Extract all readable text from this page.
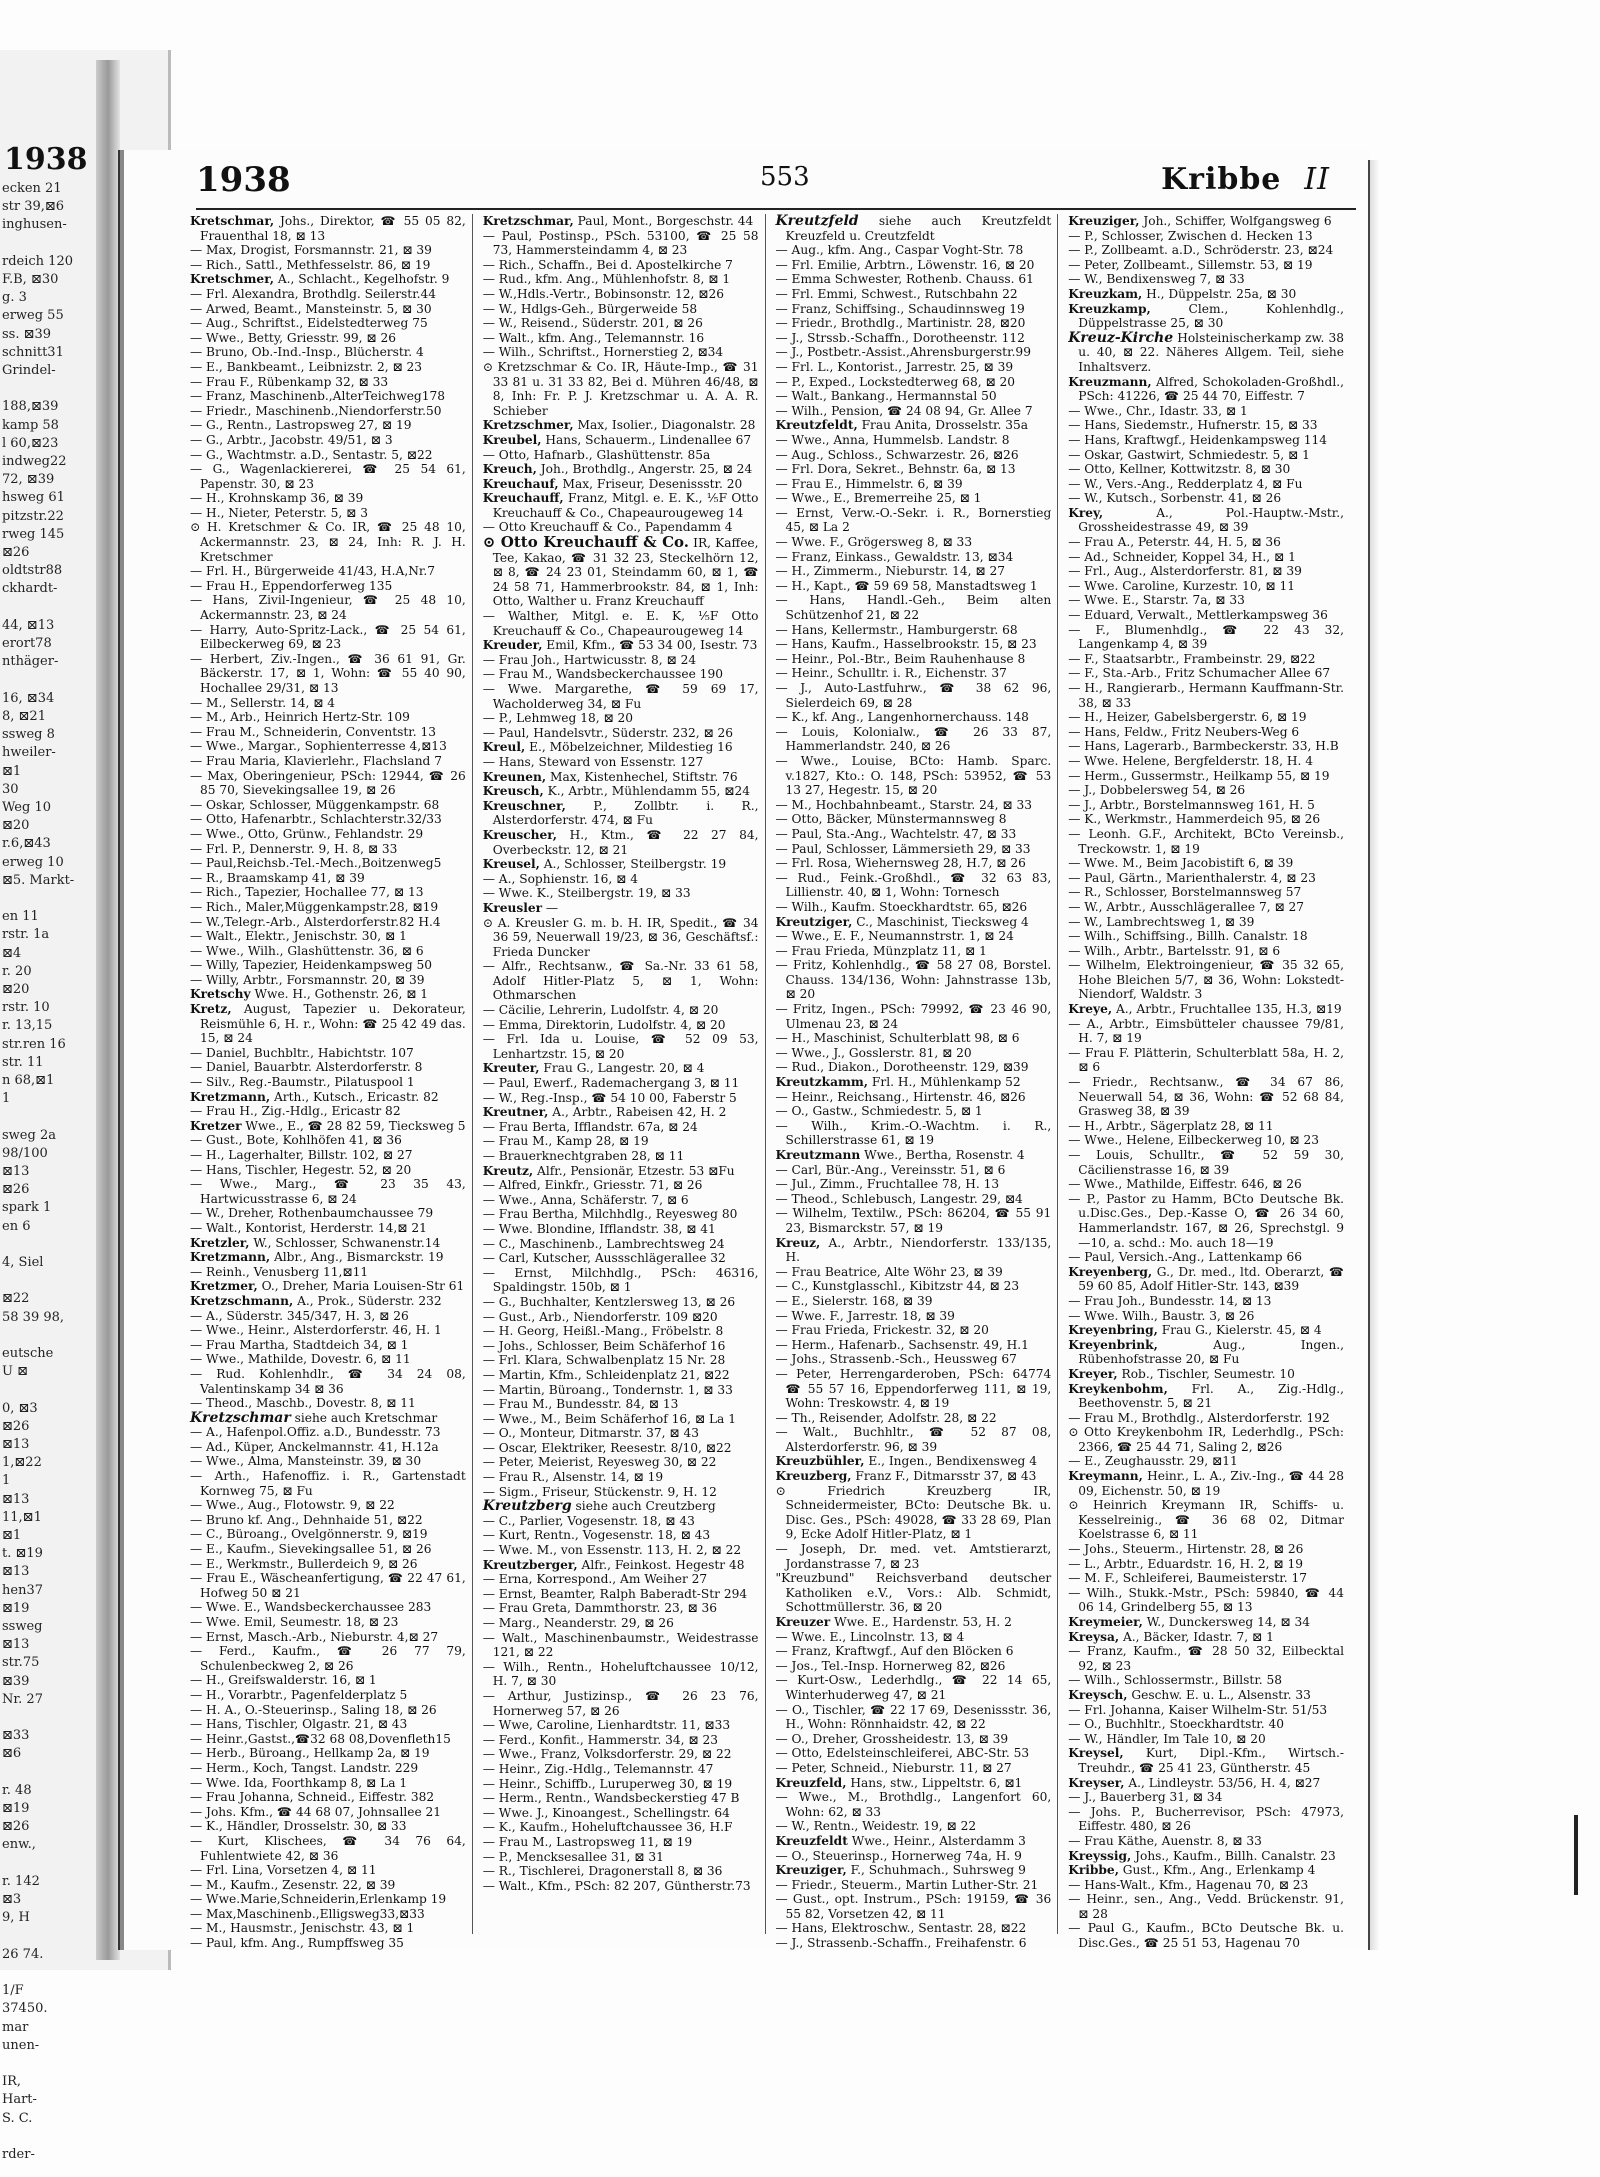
1938
ecken 21
str 39,⊠6
inghusen-

rdeich 120
F.B, ⊠30
g. 3
erweg 55
ss. ⊠39
schnitt31
Grindel-

188,⊠39
kamp 58
l 60,⊠23
indweg22
72, ⊠39
hsweg 61
pitzstr.22
rweg 145
⊠26
oldtstr88
ckhardt-

44, ⊠13
erort78
nthäger-

16, ⊠34
8, ⊠21
ssweg 8
hweiler-
⊠1
30
Weg 10
⊠20
r.6,⊠43
erweg 10
⊠5. Markt-

en 11
rstr. 1a
⊠4
r. 20
⊠20
rstr. 10
r. 13,15
str.ren 16
str. 11
n 68,⊠1
1

sweg 2a
98/100
⊠13
⊠26
spark 1
en 6

4, Siel

⊠22
58 39 98,

eutsche
U ⊠

0, ⊠3
⊠26
⊠13
1,⊠22
1
⊠13
11,⊠1
⊠1
t. ⊠19
⊠13
hen37
⊠19
ssweg
⊠13
str.75
⊠39
Nr. 27

⊠33
⊠6

r. 48
⊠19
⊠26
enw.,

r. 142
⊠3
9, H

26 74.

1/F
37450.
mar
unen-

IR,
Hart-
S. C.

rder-
1938	553	Kribbe II

Kretschmar, Johs., Direktor, ☎ 55 05 82, Frauenthal 18, ⊠ 13

— Max, Drogist, Forsmannstr. 21, ⊠ 39

— Rich., Sattl., Methfesselstr. 86, ⊠ 19

Kretschmer, A., Schlacht., Kegelhofstr. 9

— Frl. Alexandra, Brothdlg. Seilerstr.44

— Arwed, Beamt., Mansteinstr. 5, ⊠ 30

— Aug., Schriftst., Eidelstedterweg 75

— Wwe., Betty, Griesstr. 99, ⊠ 26

— Bruno, Ob.-Ind.-Insp., Blücherstr. 4

— E., Bankbeamt., Leibnizstr. 2, ⊠ 23

— Frau F., Rübenkamp 32, ⊠ 33

— Franz, Maschinenb.,AlterTeichweg178

— Friedr., Maschinenb.,Niendorferstr.50

— G., Rentn., Lastropsweg 27, ⊠ 19

— G., Arbtr., Jacobstr. 49/51, ⊠ 3

— G., Wachtmstr. a.D., Sentastr. 5, ⊠22

— G., Wagenlackiererei, ☎ 25 54 61, Papenstr. 30, ⊠ 23

— H., Krohnskamp 36, ⊠ 39

— H., Nieter, Peterstr. 5, ⊠ 3

⊙ H. Kretschmer & Co. IR, ☎ 25 48 10, Ackermannstr. 23, ⊠ 24, Inh: R. J. H. Kretschmer

— Frl. H., Bürgerweide 41/43, H.A,Nr.7

— Frau H., Eppendorferweg 135

— Hans, Zivil-Ingenieur, ☎ 25 48 10, Ackermannstr. 23, ⊠ 24

— Harry, Auto-Spritz-Lack., ☎ 25 54 61, Eilbeckerweg 69, ⊠ 23

— Herbert, Ziv.-Ingen., ☎ 36 61 91, Gr. Bäckerstr. 17, ⊠ 1, Wohn: ☎ 55 40 90, Hochallee 29/31, ⊠ 13

— M., Sellerstr. 14, ⊠ 4

— M., Arb., Heinrich Hertz-Str. 109

— Frau M., Schneiderin, Conventstr. 13

— Wwe., Margar., Sophienterresse 4,⊠13

— Frau Maria, Klavierlehr., Flachsland 7

— Max, Oberingenieur, PSch: 12944, ☎ 26 85 70, Sievekingsallee 19, ⊠ 26

— Oskar, Schlosser, Müggenkampstr. 68

— Otto, Hafenarbtr., Schlachterstr.32/33

— Wwe., Otto, Grünw., Fehlandstr. 29

— Frl. P., Dennerstr. 9, H. 8, ⊠ 33

— Paul,Reichsb.-Tel.-Mech.,Boitzenweg5

— R., Braamskamp 41, ⊠ 39

— Rich., Tapezier, Hochallee 77, ⊠ 13

— Rich., Maler,Müggenkampstr.28, ⊠19

— W.,Telegr.-Arb., Alsterdorferstr.82 H.4

— Walt., Elektr., Jenischstr. 30, ⊠ 1

— Wwe., Wilh., Glashüttenstr. 36, ⊠ 6

— Willy, Tapezier, Heidenkampsweg 50

— Willy, Arbtr., Forsmannstr. 20, ⊠ 39

Kretschy Wwe. H., Gothenstr. 26, ⊠ 1

Kretz, August, Tapezier u. Dekorateur, Reismühle 6, H. r., Wohn: ☎ 25 42 49 das. 15, ⊠ 24

— Daniel, Buchbltr., Habichtstr. 107

— Daniel, Bauarbtr. Alsterdorferstr. 8

— Silv., Reg.-Baumstr., Pilatuspool 1

Kretzmann, Arth., Kutsch., Ericastr. 82

— Frau H., Zig.-Hdlg., Ericastr 82

Kretzer Wwe., E., ☎ 28 82 59, Tiecksweg 5

— Gust., Bote, Kohlhöfen 41, ⊠ 36

— H., Lagerhalter, Billstr. 102, ⊠ 27

— Hans, Tischler, Hegestr. 52, ⊠ 20

— Wwe., Marg., ☎ 23 35 43, Hartwicusstrasse 6, ⊠ 24

— W., Dreher, Rothenbaumchaussee 79

— Walt., Kontorist, Herderstr. 14,⊠ 21

Kretzler, W., Schlosser, Schwanenstr.14

Kretzmann, Albr., Ang., Bismarckstr. 19

— Reinh., Venusberg 11,⊠11

Kretzmer, O., Dreher, Maria Louisen-Str 61

Kretzschmann, A., Prok., Süderstr. 232

— A., Süderstr. 345/347, H. 3, ⊠ 26

— Wwe., Heinr., Alsterdorferstr. 46, H. 1

— Frau Martha, Stadtdeich 34, ⊠ 1

— Wwe., Mathilde, Dovestr. 6, ⊠ 11

— Rud. Kohlenhdlr., ☎ 34 24 08, Valentinskamp 34 ⊠ 36

— Theod., Maschb., Dovestr. 8, ⊠ 11

Kretzschmar siehe auch Kretschmar

— A., Hafenpol.Offiz. a.D., Bundesstr. 73

— Ad., Küper, Anckelmannstr. 41, H.12a

— Wwe., Alma, Mansteinstr. 39, ⊠ 30

— Arth., Hafenoffiz. i. R., Gartenstadt Kornweg 75, ⊠ Fu

— Wwe., Aug., Flotowstr. 9, ⊠ 22

— Bruno kf. Ang., Dehnhaide 51, ⊠22

— C., Büroang., Ovelgönnerstr. 9, ⊠19

— E., Kaufm., Sievekingsallee 51, ⊠ 26

— E., Werkmstr., Bullerdeich 9, ⊠ 26

— Frau E., Wäscheanfertigung, ☎ 22 47 61, Hofweg 50 ⊠ 21

— Wwe. E., Wandsbeckerchaussee 283

— Wwe. Emil, Seumestr. 18, ⊠ 23

— Ernst, Masch.-Arb., Nieburstr. 4,⊠ 27

— Ferd., Kaufm., ☎ 26 77 79, Schulenbeckweg 2, ⊠ 26

— H., Greifswalderstr. 16, ⊠ 1

— H., Vorarbtr., Pagenfelderplatz 5

— H. A., O.-Steuerinsp., Saling 18, ⊠ 26

— Hans, Tischler, Olgastr. 21, ⊠ 43

— Heinr.,Gastst.,☎32 68 08,Dovenfleth15

— Herb., Büroang., Hellkamp 2a, ⊠ 19

— Herm., Koch, Tangst. Landstr. 229

— Wwe. Ida, Foorthkamp 8, ⊠ La 1

— Frau Johanna, Schneid., Eiffestr. 382

— Johs. Kfm., ☎ 44 68 07, Johnsallee 21

— K., Händler, Drosselstr. 30, ⊠ 33

— Kurt, Klischees, ☎ 34 76 64, Fuhlentwiete 42, ⊠ 36

— Frl. Lina, Vorsetzen 4, ⊠ 11

— M., Kaufm., Zesenstr. 22, ⊠ 39

— Wwe.Marie,Schneiderin,Erlenkamp 19

— Max,Maschinenb.,Elligsweg33,⊠33

— M., Hausmstr., Jenischstr. 43, ⊠ 1

— Paul, kfm. Ang., Rumpffsweg 35

Kretzschmar, Paul, Mont., Borgeschstr. 44

— Paul, Postinsp., PSch. 53100, ☎ 25 58 73, Hammersteindamm 4, ⊠ 23

— Rich., Schaffn., Bei d. Apostelkirche 7

— Rud., kfm. Ang., Mühlenhofstr. 8, ⊠ 1

— W.,Hdls.-Vertr., Bobinsonstr. 12, ⊠26

— W., Hdlgs-Geh., Bürgerweide 58

— W., Reisend., Süderstr. 201, ⊠ 26

— Walt., kfm. Ang., Telemannstr. 16

— Wilh., Schriftst., Hornerstieg 2, ⊠34

⊙ Kretzschmar & Co. IR, Häute-Imp., ☎ 31 33 81 u. 31 33 82, Bei d. Mühren 46/48, ⊠ 8, Inh: Fr. P. J. Kretzschmar u. A. A. R. Schieber

Kretzschmer, Max, Isolier., Diagonalstr. 28

Kreubel, Hans, Schauerm., Lindenallee 67

— Otto, Hafnarb., Glashüttenstr. 85a

Kreuch, Joh., Brothdlg., Angerstr. 25, ⊠ 24

Kreuchauf, Max, Friseur, Desenissstr. 20

Kreuchauff, Franz, Mitgl. e. E. K., ⅕F Otto Kreuchauff & Co., Chapeaurougeweg 14

— Otto Kreuchauff & Co., Papendamm 4

⊙ Otto Kreuchauff & Co. IR, Kaffee, Tee, Kakao, ☎ 31 32 23, Steckelhörn 12, ⊠ 8, ☎ 24 23 01, Steindamm 60, ⊠ 1, ☎ 24 58 71, Hammerbrookstr. 84, ⊠ 1, Inh: Otto, Walther u. Franz Kreuchauff

— Walther, Mitgl. e. E. K, ⅕F Otto Kreuchauff & Co., Chapeaurougeweg 14

Kreuder, Emil, Kfm., ☎ 53 34 00, Isestr. 73

— Frau Joh., Hartwicusstr. 8, ⊠ 24

— Frau M., Wandsbeckerchaussee 190

— Wwe. Margarethe, ☎ 59 69 17, Wacholderweg 34, ⊠ Fu

— P., Lehmweg 18, ⊠ 20

— Paul, Handelsvtr., Süderstr. 232, ⊠ 26

Kreul, E., Möbelzeichner, Mildestieg 16

— Hans, Steward von Essenstr. 127

Kreunen, Max, Kistenhechel, Stiftstr. 76

Kreusch, K., Arbtr., Mühlendamm 55, ⊠24

Kreuschner, P., Zollbtr. i. R., Alsterdorferstr. 474, ⊠ Fu

Kreuscher, H., Ktm., ☎ 22 27 84, Overbeckstr. 12, ⊠ 21

Kreusel, A., Schlosser, Steilbergstr. 19

— A., Sophienstr. 16, ⊠ 4

— Wwe. K., Steilbergstr. 19, ⊠ 33

Kreusler —

⊙ A. Kreusler G. m. b. H. IR, Spedit., ☎ 34 36 59, Neuerwall 19/23, ⊠ 36, Geschäftsf.: Frieda Duncker

— Alfr., Rechtsanw., ☎ Sa.-Nr. 33 61 58, Adolf Hitler-Platz 5, ⊠ 1, Wohn: Othmarschen

— Cäcilie, Lehrerin, Ludolfstr. 4, ⊠ 20

— Emma, Direktorin, Ludolfstr. 4, ⊠ 20

— Frl. Ida u. Louise, ☎ 52 09 53, Lenhartzstr. 15, ⊠ 20

Kreuter, Frau G., Langestr. 20, ⊠ 4

— Paul, Ewerf., Rademachergang 3, ⊠ 11

— W., Reg.-Insp., ☎ 54 10 00, Faberstr 5

Kreutner, A., Arbtr., Rabeisen 42, H. 2

— Frau Berta, Ifflandstr. 67a, ⊠ 24

— Frau M., Kamp 28, ⊠ 19

— Brauerknechtgraben 28, ⊠ 11

Kreutz, Alfr., Pensionär, Etzestr. 53 ⊠Fu

— Alfred, Einkfr., Griesstr. 71, ⊠ 26

— Wwe., Anna, Schäferstr. 7, ⊠ 6

— Frau Bertha, Milchhdlg., Reyesweg 80

— Wwe. Blondine, Ifflandstr. 38, ⊠ 41

— C., Maschinenb., Lambrechtsweg 24

— Carl, Kutscher, Aussschlägerallee 32

— Ernst, Milchhdlg., PSch: 46316, Spaldingstr. 150b, ⊠ 1

— G., Buchhalter, Kentzlersweg 13, ⊠ 26

— Gust., Arb., Niendorferstr. 109 ⊠20

— H. Georg, Heißl.-Mang., Fröbelstr. 8

— Johs., Schlosser, Beim Schäferhof 16

— Frl. Klara, Schwalbenplatz 15 Nr. 28

— Martin, Kfm., Schleidenplatz 21, ⊠22

— Martin, Büroang., Tondernstr. 1, ⊠ 33

— Frau M., Bundesstr. 84, ⊠ 13

— Wwe., M., Beim Schäferhof 16, ⊠ La 1

— O., Monteur, Ditmarstr. 37, ⊠ 43

— Oscar, Elektriker, Reesestr. 8/10, ⊠22

— Peter, Meierist, Reyesweg 30, ⊠ 22

— Frau R., Alsenstr. 14, ⊠ 19

— Sigm., Friseur, Stückenstr. 9, H. 12

Kreutzberg siehe auch Creutzberg

— C., Parlier, Vogesenstr. 18, ⊠ 43

— Kurt, Rentn., Vogesenstr. 18, ⊠ 43

— Wwe. M., von Essenstr. 113, H. 2, ⊠ 22

Kreutzberger, Alfr., Feinkost. Hegestr 48

— Erna, Korrespond., Am Weiher 27

— Ernst, Beamter, Ralph Baberadt-Str 294

— Frau Greta, Dammthorstr. 23, ⊠ 36

— Marg., Neanderstr. 29, ⊠ 26

— Walt., Maschinenbaumstr., Weidestrasse 121, ⊠ 22

— Wilh., Rentn., Hoheluftchaussee 10/12, H. 7, ⊠ 30

— Arthur, Justizinsp., ☎ 26 23 76, Hornerweg 57, ⊠ 26

— Wwe, Caroline, Lienhardtstr. 11, ⊠33

— Ferd., Konfit., Hammerstr. 34, ⊠ 23

— Wwe., Franz, Volksdorferstr. 29, ⊠ 22

— Heinr., Zig.-Hdlg., Telemannstr. 47

— Heinr., Schiffb., Luruperweg 30, ⊠ 19

— Herm., Rentn., Wandsbeckerstieg 47 B

— Wwe. J., Kinoangest., Schellingstr. 64

— K., Kaufm., Hoheluftchaussee 36, H.F

— Frau M., Lastropsweg 11, ⊠ 19

— P., Mencksesallee 31, ⊠ 31

— R., Tischlerei, Dragonerstall 8, ⊠ 36

— Walt., Kfm., PSch: 82 207, Güntherstr.73

Kreutzfeld siehe auch Kreutzfeldt Kreuzfeld u. Creutzfeldt

— Aug., kfm. Ang., Caspar Voght-Str. 78

— Frl. Emilie, Arbtrn., Löwenstr. 16, ⊠ 20

— Emma Schwester, Rothenb. Chauss. 61

— Frl. Emmi, Schwest., Rutschbahn 22

— Franz, Schiffsing., Schaudinnsweg 19

— Friedr., Brothdlg., Martinistr. 28, ⊠20

— J., Strssb.-Schaffn., Dorotheenstr. 112

— J., Postbetr.-Assist.,Ahrensburgerstr.99

— Frl. L., Kontorist., Jarrestr. 25, ⊠ 39

— P., Exped., Lockstedterweg 68, ⊠ 20

— Walt., Bankang., Hermannstal 50

— Wilh., Pension, ☎ 24 08 94, Gr. Allee 7

Kreutzfeldt, Frau Anita, Drosselstr. 35a

— Wwe., Anna, Hummelsb. Landstr. 8

— Aug., Schloss., Schwarzestr. 26, ⊠26

— Frl. Dora, Sekret., Behnstr. 6a, ⊠ 13

— Frau E., Himmelstr. 6, ⊠ 39

— Wwe., E., Bremerreihe 25, ⊠ 1

— Ernst, Verw.-O.-Sekr. i. R., Bornerstieg 45, ⊠ La 2

— Wwe. F., Grögersweg 8, ⊠ 33

— Franz, Einkass., Gewaldstr. 13, ⊠34

— H., Zimmerm., Nieburstr. 14, ⊠ 27

— H., Kapt., ☎ 59 69 58, Manstadtsweg 1

— Hans, Handl.-Geh., Beim alten Schützenhof 21, ⊠ 22

— Hans, Kellermstr., Hamburgerstr. 68

— Hans, Kaufm., Hasselbrookstr. 15, ⊠ 23

— Heinr., Pol.-Btr., Beim Rauhenhause 8

— Heinr., Schulltr. i. R., Eichenstr. 37

— J., Auto-Lastfuhrw., ☎ 38 62 96, Sielerdeich 69, ⊠ 28

— K., kf. Ang., Langenhornerchauss. 148

— Louis, Kolonialw., ☎ 26 33 87, Hammerlandstr. 240, ⊠ 26

— Wwe., Louise, BCto: Hamb. Sparc. v.1827, Kto.: O. 148, PSch: 53952, ☎ 53 13 27, Hegestr. 15, ⊠ 20

— M., Hochbahnbeamt., Starstr. 24, ⊠ 33

— Otto, Bäcker, Münstermannsweg 8

— Paul, Sta.-Ang., Wachtelstr. 47, ⊠ 33

— Paul, Schlosser, Lämmersieth 29, ⊠ 33

— Frl. Rosa, Wiehernsweg 28, H.7, ⊠ 26

— Rud., Feink.-Großhdl., ☎ 32 63 83, Lillienstr. 40, ⊠ 1, Wohn: Tornesch

— Wilh., Kaufm. Stoeckhardtstr. 65, ⊠26

Kreutziger, C., Maschinist, Tiecksweg 4

— Wwe., E. F., Neumannstrstr. 1, ⊠ 24

— Frau Frieda, Münzplatz 11, ⊠ 1

— Fritz, Kohlenhdlg., ☎ 58 27 08, Borstel. Chauss. 134/136, Wohn: Jahnstrasse 13b, ⊠ 20

— Fritz, Ingen., PSch: 79992, ☎ 23 46 90, Ulmenau 23, ⊠ 24

— H., Maschinist, Schulterblatt 98, ⊠ 6

— Wwe., J., Gosslerstr. 81, ⊠ 20

— Rud., Diakon., Dorotheenstr. 129, ⊠39

Kreutzkamm, Frl. H., Mühlenkamp 52

— Heinr., Reichsang., Hirtenstr. 46, ⊠26

— O., Gastw., Schmiedestr. 5, ⊠ 1

— Wilh., Krim.-O.-Wachtm. i. R., Schillerstrasse 61, ⊠ 19

Kreutzmann Wwe., Bertha, Rosenstr. 4

— Carl, Bür.-Ang., Vereinsstr. 51, ⊠ 6

— Jul., Zimm., Fruchtallee 78, H. 13

— Theod., Schlebusch, Langestr. 29, ⊠4

— Wilhelm, Textilw., PSch: 86204, ☎ 55 91 23, Bismarckstr. 57, ⊠ 19

Kreuz, A., Arbtr., Niendorferstr. 133/135, H.

— Frau Beatrice, Alte Wöhr 23, ⊠ 39

— C., Kunstglasschl., Kibitzstr 44, ⊠ 23

— E., Sielerstr. 168, ⊠ 39

— Wwe. F., Jarrestr. 18, ⊠ 39

— Frau Frieda, Frickestr. 32, ⊠ 20

— Herm., Hafenarb., Sachsenstr. 49, H.1

— Johs., Strassenb.-Sch., Heussweg 67

— Peter, Herrengarderoben, PSch: 64774 ☎ 55 57 16, Eppendorferweg 111, ⊠ 19, Wohn: Treskowstr. 4, ⊠ 19

— Th., Reisender, Adolfstr. 28, ⊠ 22

— Walt., Buchhltr., ☎ 52 87 08, Alsterdorferstr. 96, ⊠ 39

Kreuzbühler, E., Ingen., Bendixensweg 4

Kreuzberg, Franz F., Ditmarsstr 37, ⊠ 43

⊙ Friedrich Kreuzberg IR, Schneidermeister, BCto: Deutsche Bk. u. Disc. Ges., PSch: 49028, ☎ 33 28 69, Plan 9, Ecke Adolf Hitler-Platz, ⊠ 1

— Joseph, Dr. med. vet. Amtstierarzt, Jordanstrasse 7, ⊠ 23

"Kreuzbund" Reichsverband deutscher Katholiken e.V., Vors.: Alb. Schmidt, Schottmüllerstr. 36, ⊠ 20

Kreuzer Wwe. E., Hardenstr. 53, H. 2

— Wwe. E., Lincolnstr. 13, ⊠ 4

— Franz, Kraftwgf., Auf den Blöcken 6

— Jos., Tel.-Insp. Hornerweg 82, ⊠26

— Kurt-Osw., Lederhdlg., ☎ 22 14 65, Winterhuderweg 47, ⊠ 21

— O., Tischler, ☎ 22 17 69, Desenissstr. 36, H., Wohn: Rönnhaidstr. 42, ⊠ 22

— O., Dreher, Grossheidestr. 13, ⊠ 39

— Otto, Edelsteinschleiferei, ABC-Str. 53

— Peter, Schneid., Nieburstr. 11, ⊠ 27

Kreuzfeld, Hans, stw., Lippeltstr. 6, ⊠1

— Wwe., M., Brothdlg., Langenfort 60, Wohn: 62, ⊠ 33

— W., Rentn., Weidestr. 19, ⊠ 22

Kreuzfeldt Wwe., Heinr., Alsterdamm 3

— O., Steuerinsp., Hornerweg 74a, H. 9

Kreuziger, F., Schuhmach., Suhrsweg 9

— Friedr., Steuerm., Martin Luther-Str. 21

— Gust., opt. Instrum., PSch: 19159, ☎ 36 55 82, Vorsetzen 42, ⊠ 11

— Hans, Elektroschw., Sentastr. 28, ⊠22

— J., Strassenb.-Schaffn., Freihafenstr. 6

Kreuziger, Joh., Schiffer, Wolfgangsweg 6

— P., Schlosser, Zwischen d. Hecken 13

— P., Zollbeamt. a.D., Schröderstr. 23, ⊠24

— Peter, Zollbeamt., Sillemstr. 53, ⊠ 19

— W., Bendixensweg 7, ⊠ 33

Kreuzkam, H., Düppelstr. 25a, ⊠ 30

Kreuzkamp, Clem., Kohlenhdlg., Düppelstrasse 25, ⊠ 30

Kreuz-Kirche Holsteinischerkamp zw. 38 u. 40, ⊠ 22. Näheres Allgem. Teil, siehe Inhaltsverz.

Kreuzmann, Alfred, Schokoladen-Großhdl., PSch: 41226, ☎ 25 44 70, Eiffestr. 7

— Wwe., Chr., Idastr. 33, ⊠ 1

— Hans, Siedemstr., Hufnerstr. 15, ⊠ 33

— Hans, Kraftwgf., Heidenkampsweg 114

— Oskar, Gastwirt, Schmiedestr. 5, ⊠ 1

— Otto, Kellner, Kottwitzstr. 8, ⊠ 30

— W., Vers.-Ang., Redderplatz 4, ⊠ Fu

— W., Kutsch., Sorbenstr. 41, ⊠ 26

Krey, A., Pol.-Hauptw.-Mstr., Grossheidestrasse 49, ⊠ 39

— Frau A., Peterstr. 44, H. 5, ⊠ 36

— Ad., Schneider, Koppel 34, H., ⊠ 1

— Frl., Aug., Alsterdorferstr. 81, ⊠ 39

— Wwe. Caroline, Kurzestr. 10, ⊠ 11

— Wwe. E., Starstr. 7a, ⊠ 33

— Eduard, Verwalt., Mettlerkampsweg 36

— F., Blumenhdlg., ☎ 22 43 32, Langenkamp 4, ⊠ 39

— F., Staatsarbtr., Frambeinstr. 29, ⊠22

— F., Sta.-Arb., Fritz Schumacher Allee 67

— H., Rangierarb., Hermann Kauffmann-Str. 38, ⊠ 33

— H., Heizer, Gabelsbergerstr. 6, ⊠ 19

— Hans, Feldw., Fritz Neubers-Weg 6

— Hans, Lagerarb., Barmbeckerstr. 33, H.B

— Wwe. Helene, Bergfelderstr. 18, H. 4

— Herm., Gussermstr., Heilkamp 55, ⊠ 19

— J., Dobbelersweg 54, ⊠ 26

— J., Arbtr., Borstelmannsweg 161, H. 5

— K., Werkmstr., Hammerdeich 95, ⊠ 26

— Leonh. G.F., Architekt, BCto Vereinsb., Treckowstr. 1, ⊠ 19

— Wwe. M., Beim Jacobistift 6, ⊠ 39

— Paul, Gärtn., Marienthalerstr. 4, ⊠ 23

— R., Schlosser, Borstelmannsweg 57

— W., Arbtr., Ausschlägerallee 7, ⊠ 27

— W., Lambrechtsweg 1, ⊠ 39

— Wilh., Schiffsing., Billh. Canalstr. 18

— Wilh., Arbtr., Bartelsstr. 91, ⊠ 6

— Wilhelm, Elektroingenieur, ☎ 35 32 65, Hohe Bleichen 5/7, ⊠ 36, Wohn: Lokstedt-Niendorf, Waldstr. 3

Kreye, A., Arbtr., Fruchtallee 135, H.3, ⊠19

— A., Arbtr., Eimsbütteler chaussee 79/81, H. 7, ⊠ 19

— Frau F. Plätterin, Schulterblatt 58a, H. 2, ⊠ 6

— Friedr., Rechtsanw., ☎ 34 67 86, Neuerwall 54, ⊠ 36, Wohn: ☎ 52 68 84, Grasweg 38, ⊠ 39

— H., Arbtr., Sägerplatz 28, ⊠ 11

— Wwe., Helene, Eilbeckerweg 10, ⊠ 23

— Louis, Schulltr., ☎ 52 59 30, Cäcilienstrasse 16, ⊠ 39

— Wwe., Mathilde, Eiffestr. 646, ⊠ 26

— P., Pastor zu Hamm, BCto Deutsche Bk. u.Disc.Ges., Dep.-Kasse O, ☎ 26 34 60, Hammerlandstr. 167, ⊠ 26, Sprechstgl. 9—10, a. schd.: Mo. auch 18—19

— Paul, Versich.-Ang., Lattenkamp 66

Kreyenberg, G., Dr. med., ltd. Oberarzt, ☎ 59 60 85, Adolf Hitler-Str. 143, ⊠39

— Frau Joh., Bundesstr. 14, ⊠ 13

— Wwe. Wilh., Baustr. 3, ⊠ 26

Kreyenbring, Frau G., Kielerstr. 45, ⊠ 4

Kreyenbrink, Aug., Ingen., Rübenhofstrasse 20, ⊠ Fu

Kreyer, Rob., Tischler, Seumestr. 10

Kreykenbohm, Frl. A., Zig.-Hdlg., Beethovenstr. 5, ⊠ 21

— Frau M., Brothdlg., Alsterdorferstr. 192

⊙ Otto Kreykenbohm IR, Lederhdlg., PSch: 2366, ☎ 25 44 71, Saling 2, ⊠26

— E., Zeughausstr. 29, ⊠11

Kreymann, Heinr., L. A., Ziv.-Ing., ☎ 44 28 09, Eichenstr. 50, ⊠ 19

⊙ Heinrich Kreymann IR, Schiffs- u. Kesselreinig., ☎ 36 68 02, Ditmar Koelstrasse 6, ⊠ 11

— Johs., Steuerm., Hirtenstr. 28, ⊠ 26

— L., Arbtr., Eduardstr. 16, H. 2, ⊠ 19

— M. F., Schleiferei, Baumeisterstr. 17

— Wilh., Stukk.-Mstr., PSch: 59840, ☎ 44 06 14, Grindelberg 55, ⊠ 13

Kreymeier, W., Dunckersweg 14, ⊠ 34

Kreysa, A., Bäcker, Idastr. 7, ⊠ 1

— Franz, Kaufm., ☎ 28 50 32, Eilbecktal 92, ⊠ 23

— Wilh., Schlossermstr., Billstr. 58

Kreysch, Geschw. E. u. L., Alsenstr. 33

— Frl. Johanna, Kaiser Wilhelm-Str. 51/53

— O., Buchhltr., Stoeckhardtstr. 40

— W., Händler, Im Tale 10, ⊠ 20

Kreysel, Kurt, Dipl.-Kfm., Wirtsch.-Treuhdr., ☎ 25 41 23, Güntherstr. 45

Kreyser, A., Lindleystr. 53/56, H. 4, ⊠27

— J., Bauerberg 31, ⊠ 34

— Johs. P., Bucherrevisor, PSch: 47973, Eiffestr. 480, ⊠ 26

— Frau Käthe, Auenstr. 8, ⊠ 33

Kreyssig, Johs., Kaufm., Billh. Canalstr. 23

Kribbe, Gust., Kfm., Ang., Erlenkamp 4

— Hans-Walt., Kfm., Hagenau 70, ⊠ 23

— Heinr., sen., Ang., Vedd. Brückenstr. 91, ⊠ 28

— Paul G., Kaufm., BCto Deutsche Bk. u. Disc.Ges., ☎ 25 51 53, Hagenau 70
